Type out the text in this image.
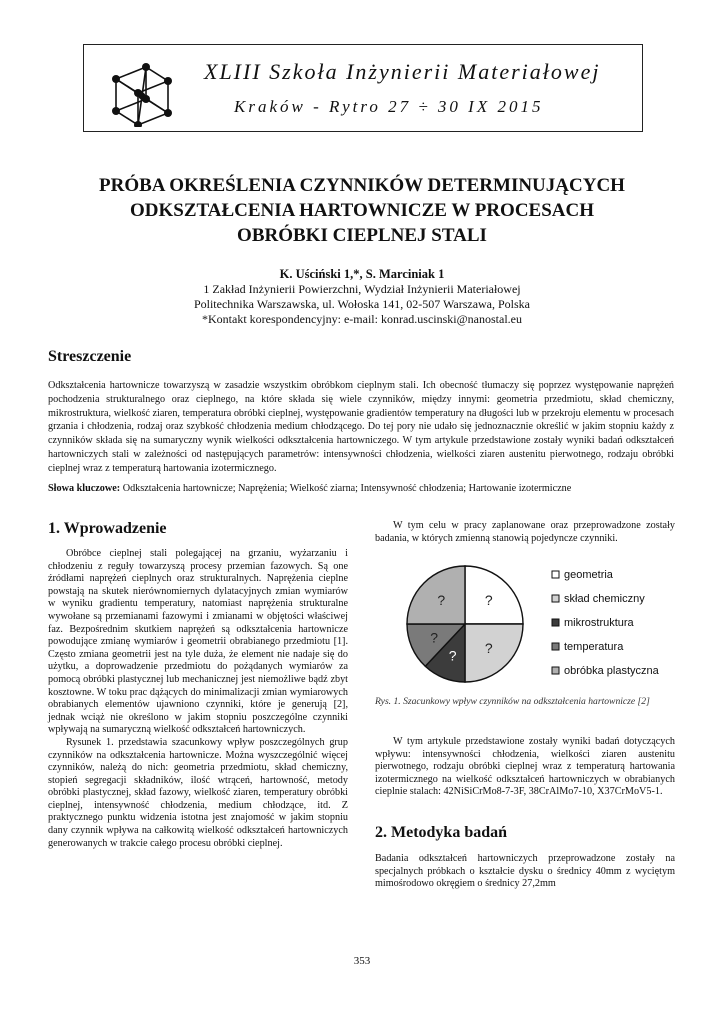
XLIII Szkoła Inżynierii Materiałowej
Kraków - Rytro 27 ÷ 30 IX 2015
PRÓBA OKREŚLENIA CZYNNIKÓW DETERMINUJĄCYCH
ODKSZTAŁCENIA HARTOWNICZE W PROCESACH
OBRÓBKI CIEPLNEJ STALI
K. Uściński 1,*, S. Marciniak 1
1 Zakład Inżynierii Powierzchni, Wydział Inżynierii Materiałowej
Politechnika Warszawska, ul. Wołoska 141, 02-507 Warszawa, Polska
*Kontakt korespondencyjny: e-mail: konrad.uscinski@nanostal.eu
Streszczenie
Odkształcenia hartownicze towarzyszą w zasadzie wszystkim obróbkom cieplnym stali. Ich obecność tłumaczy się poprzez występowanie naprężeń pochodzenia strukturalnego oraz cieplnego, na które składa się wiele czynników, między innymi: geometria przedmiotu, skład chemiczny, mikrostruktura, wielkość ziaren, temperatura obróbki cieplnej, występowanie gradientów temperatury na długości lub w przekroju elementu w procesach grzania i chłodzenia, rodzaj oraz szybkość chłodzenia medium chłodzącego. Do tej pory nie udało się jednoznacznie określić w jakim stopniu każdy z czynników składa się na sumaryczny wynik wielkości odkształcenia hartowniczego. W tym artykule przedstawione zostały wyniki badań odkształceń hartowniczych stali w zależności od następujących parametrów: intensywności chłodzenia, wielkości ziaren austenitu pierwotnego, rodzaju obróbki cieplnej wraz z temperaturą hartowania izotermicznego.
Słowa kluczowe: Odkształcenia hartownicze; Naprężenia; Wielkość ziarna; Intensywność chłodzenia; Hartowanie izotermiczne
1. Wprowadzenie

Obróbce cieplnej stali polegającej na grzaniu, wyżarzaniu i chłodzeniu z reguły towarzyszą procesy przemian fazowych. Są one źródłami naprężeń cieplnych oraz strukturalnych. Naprężenia cieplne powstają na skutek nierównomiernych dylatacyjnych zmian wymiarów w wyniku gradientu temperatury, natomiast naprężenia strukturalne wywołane są przemianami fazowymi i zmianami w objętości właściwej faz. Bezpośrednim skutkiem naprężeń są odkształcenia hartownicze powodujące zmianę wymiarów i geometrii obrabianego przedmiotu [1]. Często zmiana geometrii jest na tyle duża, że element nie nadaje się do użytku, a doprowadzenie przedmiotu do pożądanych wymiarów za pomocą obróbki plastycznej lub mechanicznej jest niemożliwe bądź zbyt kosztowne. W toku prac dążących do minimalizacji zmian wymiarowych obrabianych elementów ujawniono czynniki, które je generują [2], jednak wciąż nie określono w jakim stopniu poszczególne czynniki wpływają na sumaryczną wielkość odkształceń hartowniczych.

Rysunek 1. przedstawia szacunkowy wpływ poszczególnych grup czynników na odkształcenia hartownicze. Można wyszczególnić więcej czynników, należą do nich: geometria przedmiotu, skład chemiczny, stopień segregacji składników, ilość wtrąceń, hartowność, metody obróbki plastycznej, skład fazowy, wielkość ziaren, temperatury obróbki cieplnej, intensywność chłodzenia, medium chłodzące, itd. Z praktycznego punktu widzenia istotna jest znajomość w jakim stopniu dany czynnik wpływa na całkowitą wielkość odkształceń hartowniczych generowanych w trakcie całego procesu obróbki cieplnej.

W tym celu w pracy zaplanowane oraz przeprowadzone zostały badania, w których zmienną stanowią pojedyncze czynniki.

?
?
?
?
?
geometria
skład chemiczny
mikrostruktura
temperatura
obróbka plastyczna
Rys. 1. Szacunkowy wpływ czynników na odkształcenia hartownicze [2]

W tym artykule przedstawione zostały wyniki badań dotyczących wpływu: intensywności chłodzenia, wielkości ziaren austenitu pierwotnego, rodzaju obróbki cieplnej wraz z temperaturą hartowania izotermicznego na wielkość odkształceń hartowniczych w obrabianych cieplnie stalach: 42NiSiCrMo8-7-3F, 38CrAlMo7-10, X37CrMoV5-1.

2. Metodyka badań

Badania odkształceń hartowniczych przeprowadzone zostały na specjalnych próbkach o kształcie dysku o średnicy 40mm z wyciętym mimośrodowo okręgiem o średnicy 27,2mm

353
